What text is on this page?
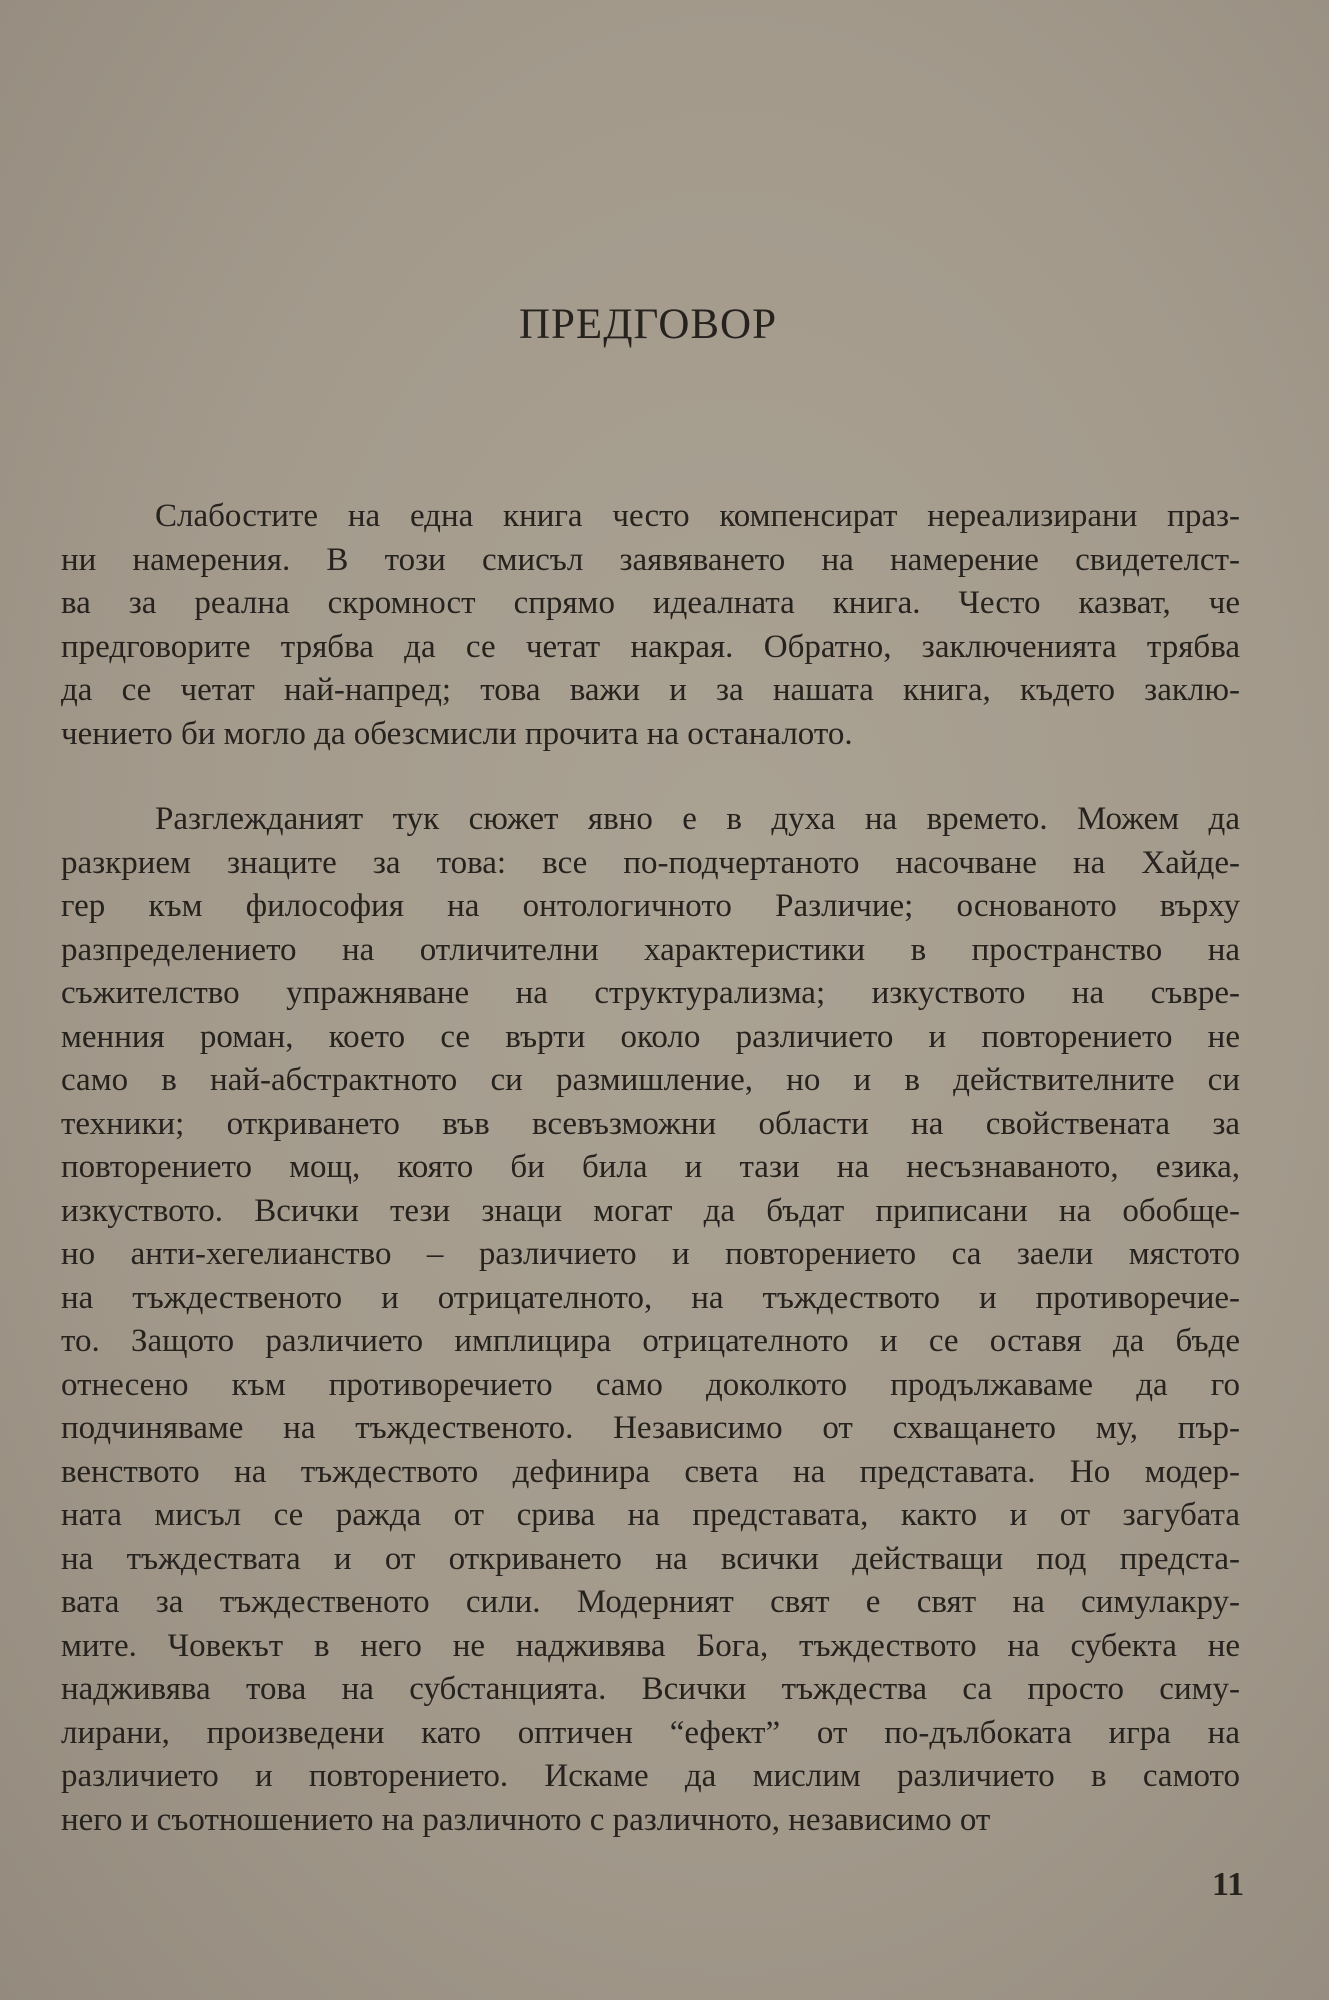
ПРЕДГОВОР
Слабостите на една книга често компенсират нереализирани праз-
ни намерения. В този смисъл заявяването на намерение свидетелст-
ва за реална скромност спрямо идеалната книга. Често казват, че
предговорите трябва да се четат накрая. Обратно, заключенията трябва
да се четат най-напред; това важи и за нашата книга, където заклю-
чението би могло да обезсмисли прочита на останалото.
Разглежданият тук сюжет явно е в духа на времето. Можем да
разкрием знаците за това: все по-подчертаното насочване на Хайде-
гер към философия на онтологичното Различие; основаното върху
разпределението на отличителни характеристики в пространство на
съжителство упражняване на структурализма; изкуството на съвре-
менния роман, което се върти около различието и повторението не
само в най-абстрактното си размишление, но и в действителните си
техники; откриването във всевъзможни области на свойствената за
повторението мощ, която би била и тази на несъзнаваното, езика,
изкуството. Всички тези знаци могат да бъдат приписани на обобще-
но анти-хегелианство – различието и повторението са заели мястото
на тъждественото и отрицателното, на тъждеството и противоречие-
то. Защото различието имплицира отрицателното и се оставя да бъде
отнесено към противоречието само доколкото продължаваме да го
подчиняваме на тъждественото. Независимо от схващането му, пър-
венството на тъждеството дефинира света на представата. Но модер-
ната мисъл се ражда от срива на представата, както и от загубата
на тъждествата и от откриването на всички действащи под предста-
вата за тъждественото сили. Модерният свят е свят на симулакру-
мите. Човекът в него не надживява Бога, тъждеството на субекта не
надживява това на субстанцията. Всички тъждества са просто симу-
лирани, произведени като оптичен “ефект” от по-дълбоката игра на
различието и повторението. Искаме да мислим различието в самото
него и съотношението на различното с различното, независимо от
11
